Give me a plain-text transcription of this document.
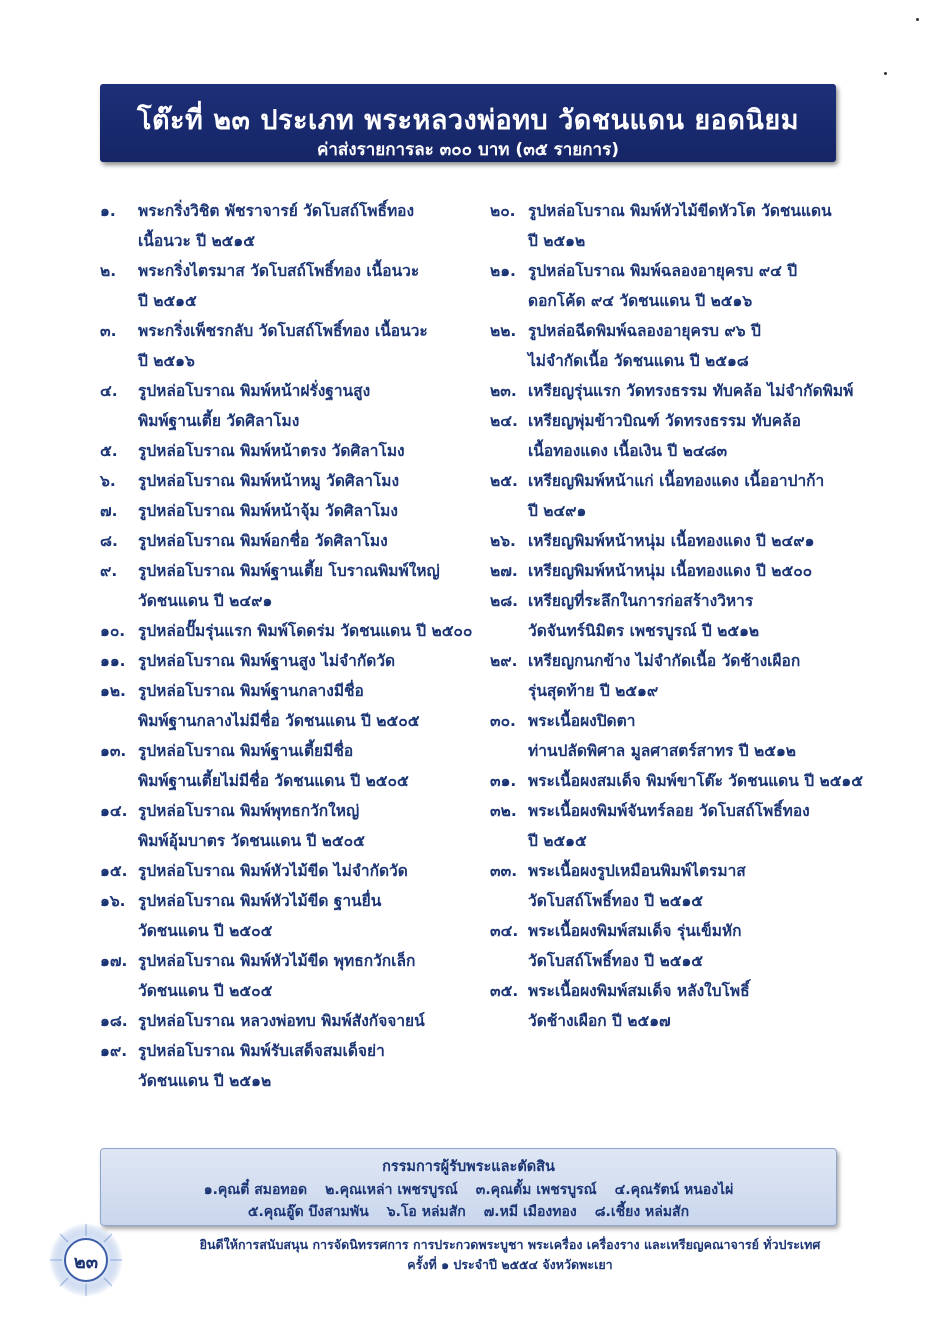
โต๊ะที่ ๒๓ ประเภท พระหลวงพ่อทบ วัดชนแดน ยอดนิยม
ค่าส่งรายการละ ๓๐๐ บาท (๓๕ รายการ)
๑.	พระกริ่งวิชิต พัชราจารย์ วัดโบสถ์โพธิ์ทอง
เนื้อนวะ ปี ๒๕๑๕
๒.	พระกริ่งไตรมาส วัดโบสถ์โพธิ์ทอง เนื้อนวะ
ปี ๒๕๑๕
๓.	พระกริ่งเพ็ชรกลับ วัดโบสถ์โพธิ์ทอง เนื้อนวะ
ปี ๒๕๑๖
๔.	รูปหล่อโบราณ พิมพ์หน้าฝรั่งฐานสูง
พิมพ์ฐานเตี้ย วัดศิลาโมง
๕.	รูปหล่อโบราณ พิมพ์หน้าตรง วัดศิลาโมง
๖.	รูปหล่อโบราณ พิมพ์หน้าหมู วัดศิลาโมง
๗.	รูปหล่อโบราณ พิมพ์หน้าจุ้ม วัดศิลาโมง
๘.	รูปหล่อโบราณ พิมพ์อกชื่อ วัดศิลาโมง
๙.	รูปหล่อโบราณ พิมพ์ฐานเตี้ย โบราณพิมพ์ใหญ่
วัดชนแดน ปี ๒๔๙๑
๑๐. รูปหล่อปั๊มรุ่นแรก พิมพ์โดดร่ม วัดชนแดน ปี ๒๕๐๐
๑๑. รูปหล่อโบราณ พิมพ์ฐานสูง ไม่จำกัดวัด
๑๒. รูปหล่อโบราณ พิมพ์ฐานกลางมีชื่อ
พิมพ์ฐานกลางไม่มีชื่อ วัดชนแดน ปี ๒๕๐๕
๑๓. รูปหล่อโบราณ พิมพ์ฐานเตี้ยมีชื่อ
พิมพ์ฐานเตี้ยไม่มีชื่อ วัดชนแดน ปี ๒๕๐๕
๑๔. รูปหล่อโบราณ พิมพ์พุทธกวักใหญ่
พิมพ์อุ้มบาตร วัดชนแดน ปี ๒๕๐๕
๑๕. รูปหล่อโบราณ พิมพ์หัวไม้ขีด ไม่จำกัดวัด
๑๖. รูปหล่อโบราณ พิมพ์หัวไม้ขีด ฐานยื่น
วัดชนแดน ปี ๒๕๐๕
๑๗. รูปหล่อโบราณ พิมพ์หัวไม้ขีด พุทธกวักเล็ก
วัดชนแดน ปี ๒๕๐๕
๑๘. รูปหล่อโบราณ หลวงพ่อทบ พิมพ์สังกัจจายน์
๑๙. รูปหล่อโบราณ พิมพ์รับเสด็จสมเด็จย่า
วัดชนแดน ปี ๒๕๑๒
๒๐. รูปหล่อโบราณ พิมพ์หัวไม้ขีดหัวโต วัดชนแดน
ปี ๒๕๑๒
๒๑. รูปหล่อโบราณ พิมพ์ฉลองอายุครบ ๙๔ ปี
ดอกโค้ด ๙๔ วัดชนแดน ปี ๒๕๑๖
๒๒. รูปหล่อฉีดพิมพ์ฉลองอายุครบ ๙๖ ปี
ไม่จำกัดเนื้อ วัดชนแดน ปี ๒๕๑๘
๒๓. เหรียญรุ่นแรก วัดทรงธรรม ทับคล้อ ไม่จำกัดพิมพ์
๒๔. เหรียญพุ่มข้าวบิณฑ์ วัดทรงธรรม ทับคล้อ
เนื้อทองแดง เนื้อเงิน ปี ๒๔๘๓
๒๕. เหรียญพิมพ์หน้าแก่ เนื้อทองแดง เนื้ออาปาก้า
ปี ๒๔๙๑
๒๖. เหรียญพิมพ์หน้าหนุ่ม เนื้อทองแดง ปี ๒๔๙๑
๒๗. เหรียญพิมพ์หน้าหนุ่ม เนื้อทองแดง ปี ๒๕๐๐
๒๘. เหรียญที่ระลึกในการก่อสร้างวิหาร
วัดจันทร์นิมิตร เพชรบูรณ์ ปี ๒๕๑๒
๒๙. เหรียญกนกข้าง ไม่จำกัดเนื้อ วัดช้างเผือก
รุ่นสุดท้าย ปี ๒๕๑๙
๓๐. พระเนื้อผงปิดตา
ท่านปลัดพิศาล มูลศาสตร์สาทร ปี ๒๕๑๒
๓๑. พระเนื้อผงสมเด็จ พิมพ์ขาโต๊ะ วัดชนแดน ปี ๒๕๑๕
๓๒. พระเนื้อผงพิมพ์จันทร์ลอย วัดโบสถ์โพธิ์ทอง
ปี ๒๕๑๕
๓๓. พระเนื้อผงรูปเหมือนพิมพ์ไตรมาส
วัดโบสถ์โพธิ์ทอง ปี ๒๕๑๕
๓๔. พระเนื้อผงพิมพ์สมเด็จ รุ่นเข็มหัก
วัดโบสถ์โพธิ์ทอง ปี ๒๕๑๕
๓๕. พระเนื้อผงพิมพ์สมเด็จ หลังใบโพธิ์
วัดช้างเผือก ปี ๒๕๑๗
กรรมการผู้รับพระและตัดสิน
๑.คุณตี๋ สมอทอด ๒.คุณเหล่า เพชรบูรณ์ ๓.คุณตั้ม เพชรบูรณ์ ๔.คุณรัตน์ หนองไผ่
๕.คุณอู๊ด บึงสามพัน ๖.โอ หล่มสัก ๗.หมี เมืองทอง ๘.เชี้ยง หล่มสัก
๒๓
ยินดีให้การสนับสนุน การจัดนิทรรศการ การประกวดพระบูชา พระเครื่อง เครื่องราง และเหรียญคณาจารย์ ทั่วประเทศ
ครั้งที่ ๑ ประจำปี ๒๕๕๔ จังหวัดพะเยา
